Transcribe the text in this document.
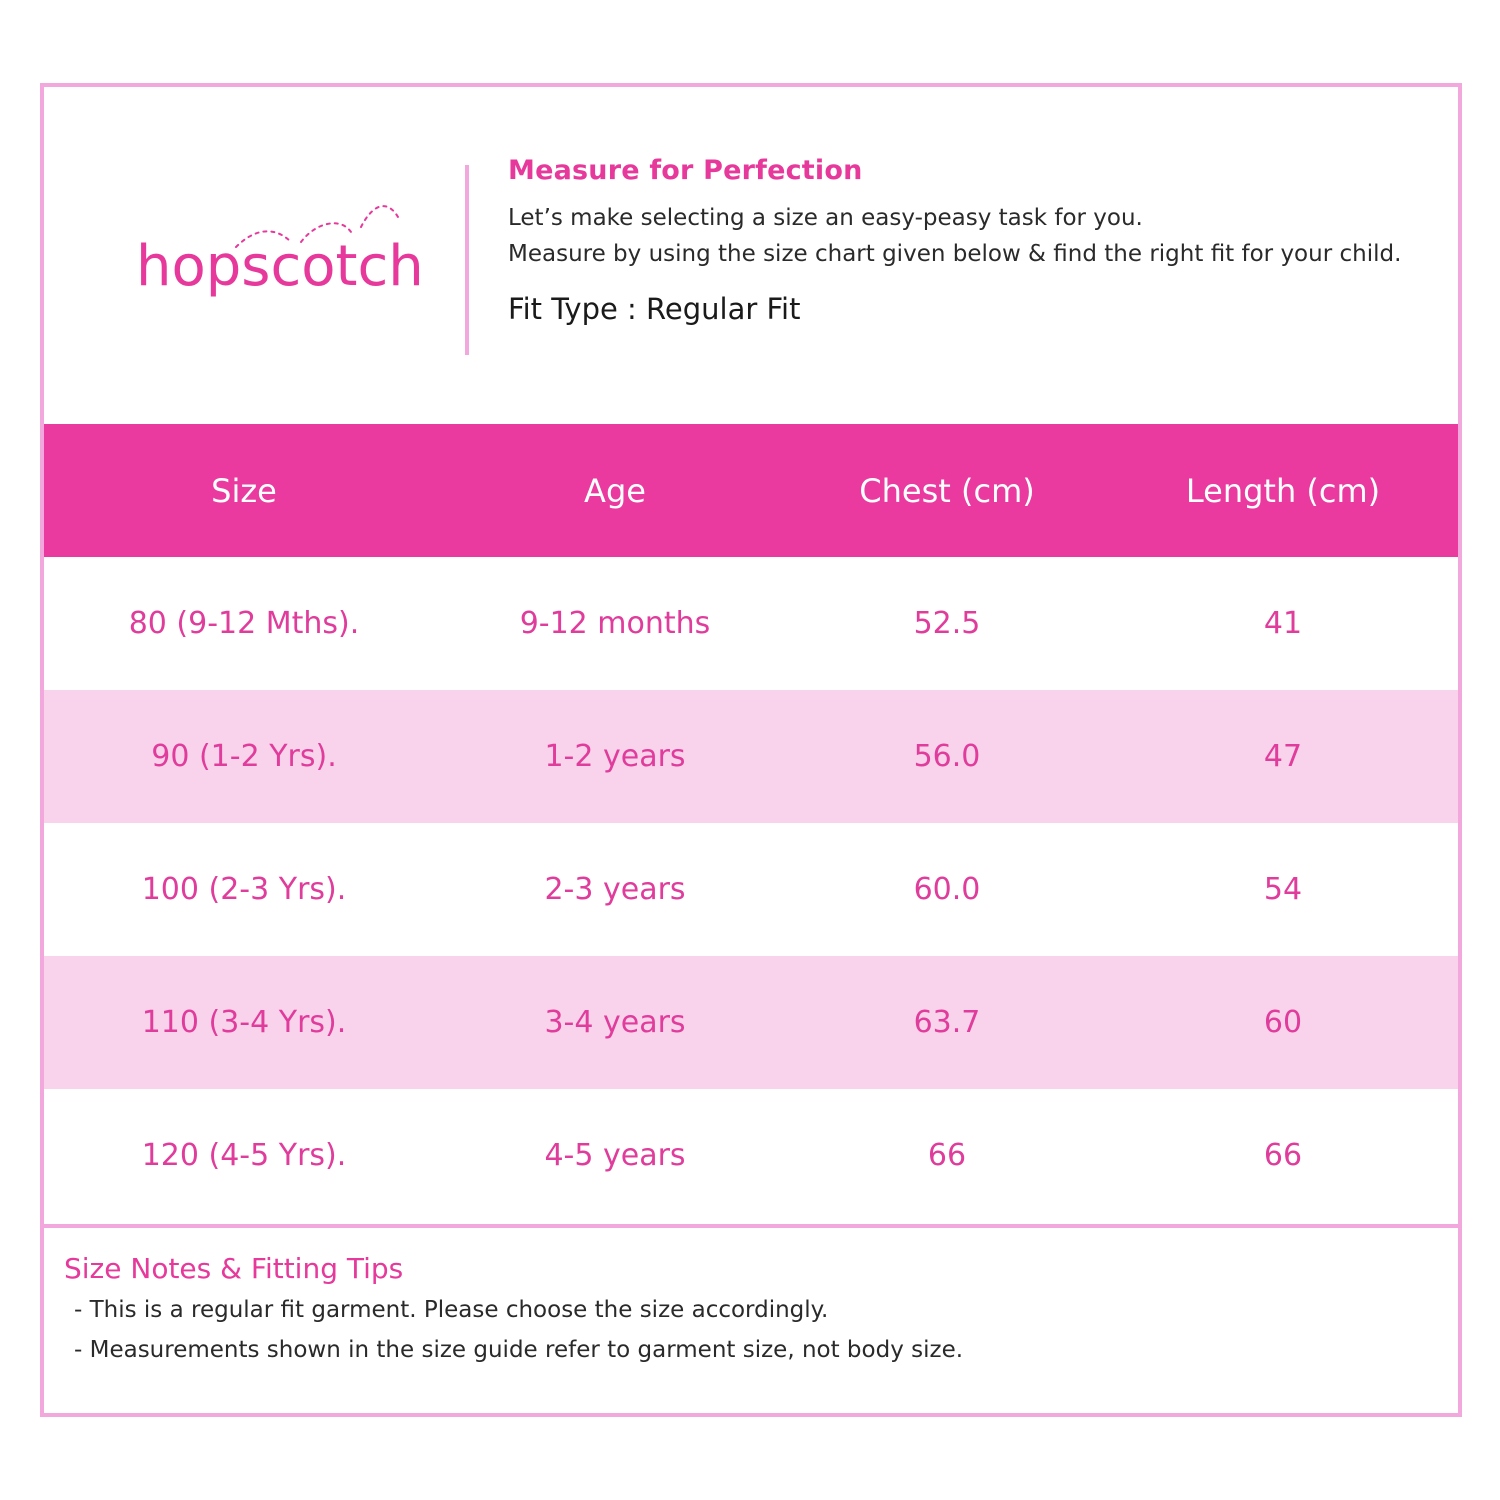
hopscotch

Measure for Perfection

Let’s make selecting a size an easy-peasy task for you.

Measure by using the size chart given below & find the right fit for your child.

Fit Type : Regular Fit

Size	Age	Chest (cm)	Length (cm)
80 (9-12 Mths).	9-12 months	52.5	41
90 (1-2 Yrs).	1-2 years	56.0	47
100 (2-3 Yrs).	2-3 years	60.0	54
110 (3-4 Yrs).	3-4 years	63.7	60
120 (4-5 Yrs).	4-5 years	66	66

Size Notes & Fitting Tips

- This is a regular fit garment. Please choose the size accordingly.

- Measurements shown in the size guide refer to garment size, not body size.
